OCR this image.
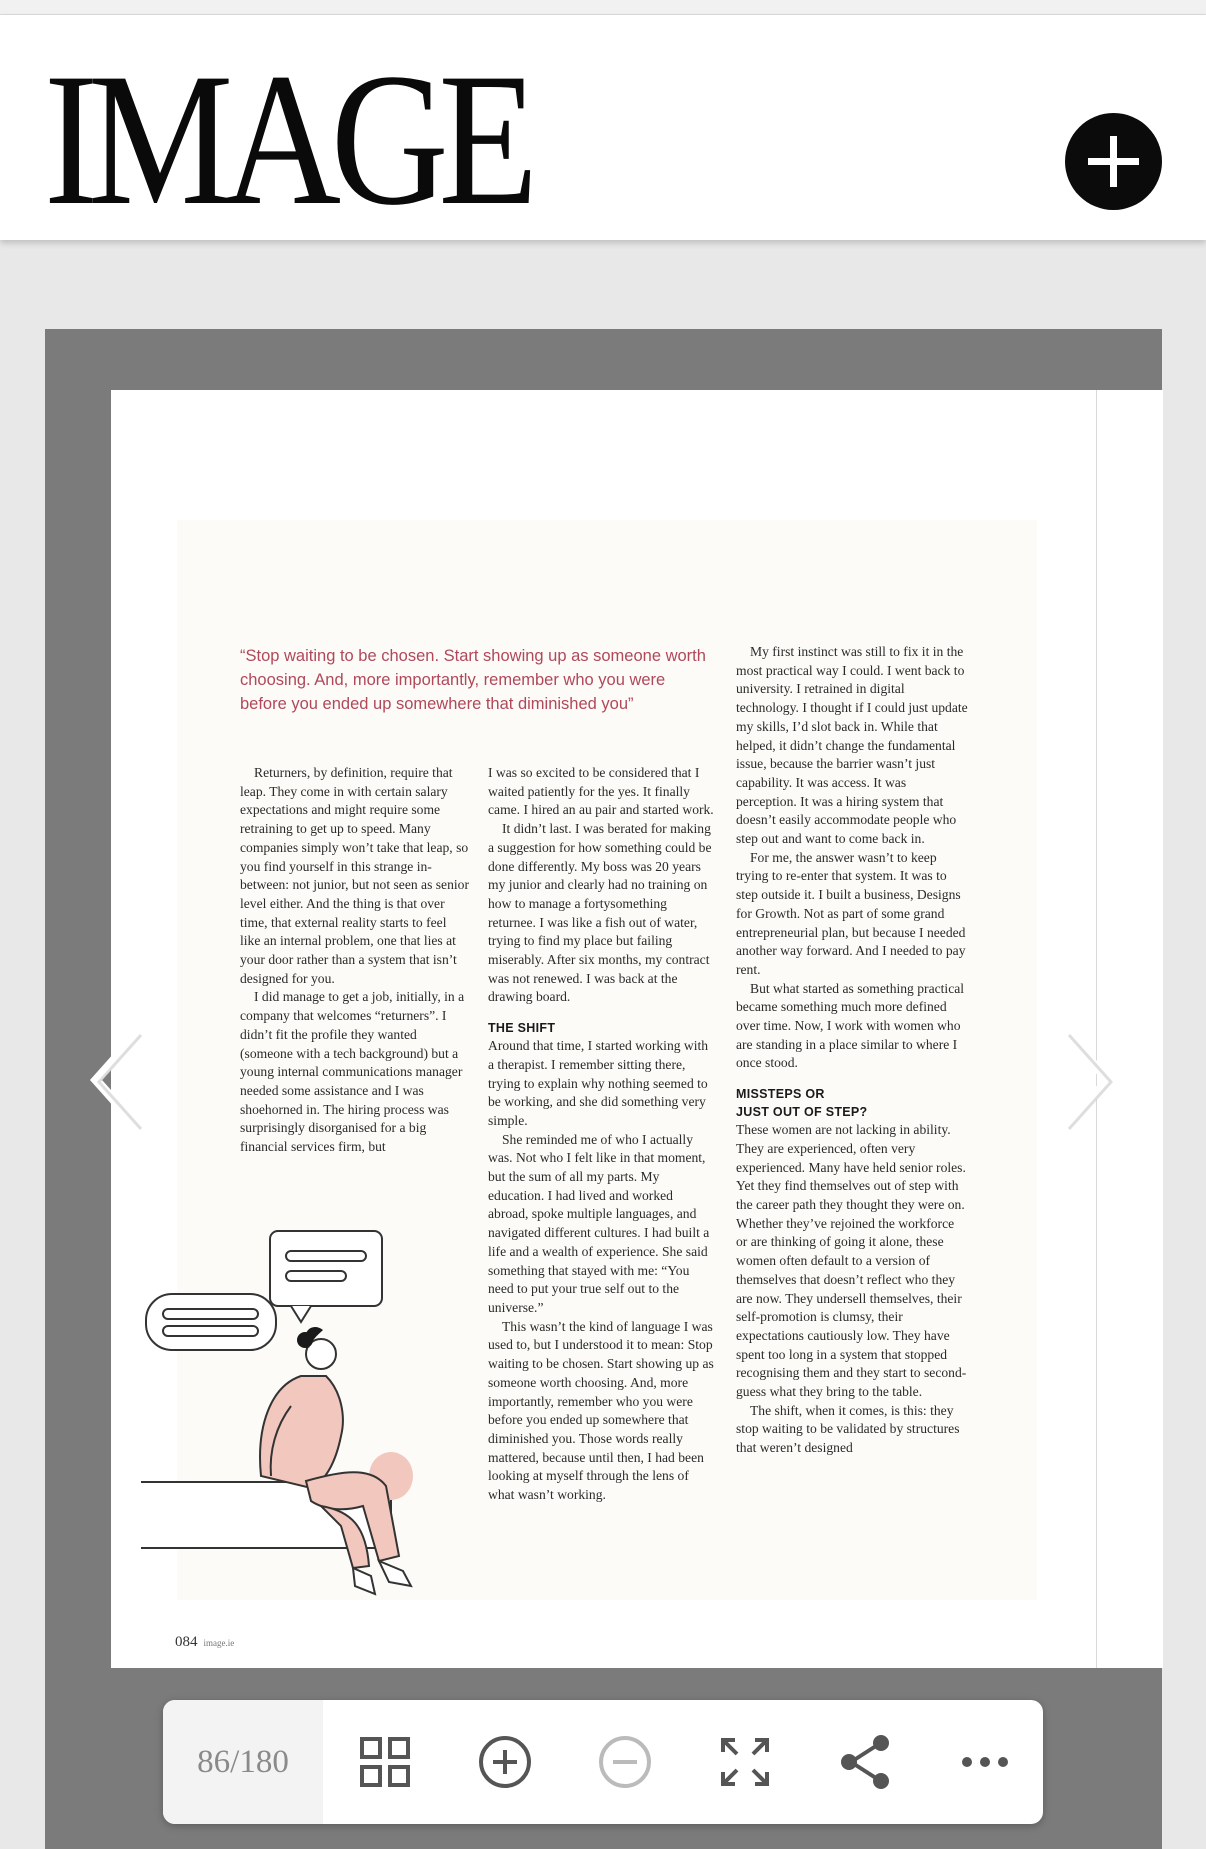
IMAGE
“Stop waiting to be chosen. Start showing up as someone worth choosing. And, more importantly, remember who you were before you ended up somewhere that diminished you”

Returners, by definition, require that leap. They come in with certain salary expectations and might require some retraining to get up to speed. Many companies simply won’t take that leap, so you find yourself in this strange in-between: not junior, but not seen as senior level either. And the thing is that over time, that external reality starts to feel like an internal problem, one that lies at your door rather than a system that isn’t designed for you.

I did manage to get a job, initially, in a company that welcomes “returners”. I didn’t fit the profile they wanted (someone with a tech background) but a young internal communications manager needed some assistance and I was shoehorned in. The hiring process was surprisingly disorganised for a big financial services firm, but

I was so excited to be considered that I waited patiently for the yes. It finally came. I hired an au pair and started work.

It didn’t last. I was berated for making a suggestion for how something could be done differently. My boss was 20 years my junior and clearly had no training on how to manage a fortysomething returnee. I was like a fish out of water, trying to find my place but failing miserably. After six months, my contract was not renewed. I was back at the drawing board.

THE SHIFT

Around that time, I started working with a therapist. I remember sitting there, trying to explain why nothing seemed to be working, and she did something very simple.

She reminded me of who I actually was. Not who I felt like in that moment, but the sum of all my parts. My education. I had lived and worked abroad, spoke multiple languages, and navigated different cultures. I had built a life and a wealth of experience. She said something that stayed with me: “You need to put your true self out to the universe.”

This wasn’t the kind of language I was used to, but I understood it to mean: Stop waiting to be chosen. Start showing up as someone worth choosing. And, more importantly, remember who you were before you ended up somewhere that diminished you. Those words really mattered, because until then, I had been looking at myself through the lens of what wasn’t working.

My first instinct was still to fix it in the most practical way I could. I went back to university. I retrained in digital technology. I thought if I could just update my skills, I’d slot back in. While that helped, it didn’t change the fundamental issue, because the barrier wasn’t just capability. It was access. It was perception. It was a hiring system that doesn’t easily accommodate people who step out and want to come back in.

For me, the answer wasn’t to keep trying to re-enter that system. It was to step outside it. I built a business, Designs for Growth. Not as part of some grand entrepreneurial plan, but because I needed another way forward. And I needed to pay rent.

But what started as something practical became something much more defined over time. Now, I work with women who are standing in a place similar to where I once stood.

MISSTEPS OR
JUST OUT OF STEP?

These women are not lacking in ability. They are experienced, often very experienced. Many have held senior roles. Yet they find themselves out of step with the career path they thought they were on. Whether they’ve rejoined the workforce or are thinking of going it alone, these women often default to a version of themselves that doesn’t reflect who they are now. They undersell themselves, their self-promotion is clumsy, their expectations cautiously low. They have spent too long in a system that stopped recognising them and they start to second-guess what they bring to the table.

The shift, when it comes, is this: they stop waiting to be validated by structures that weren’t designed

084 image.ie
86/180
